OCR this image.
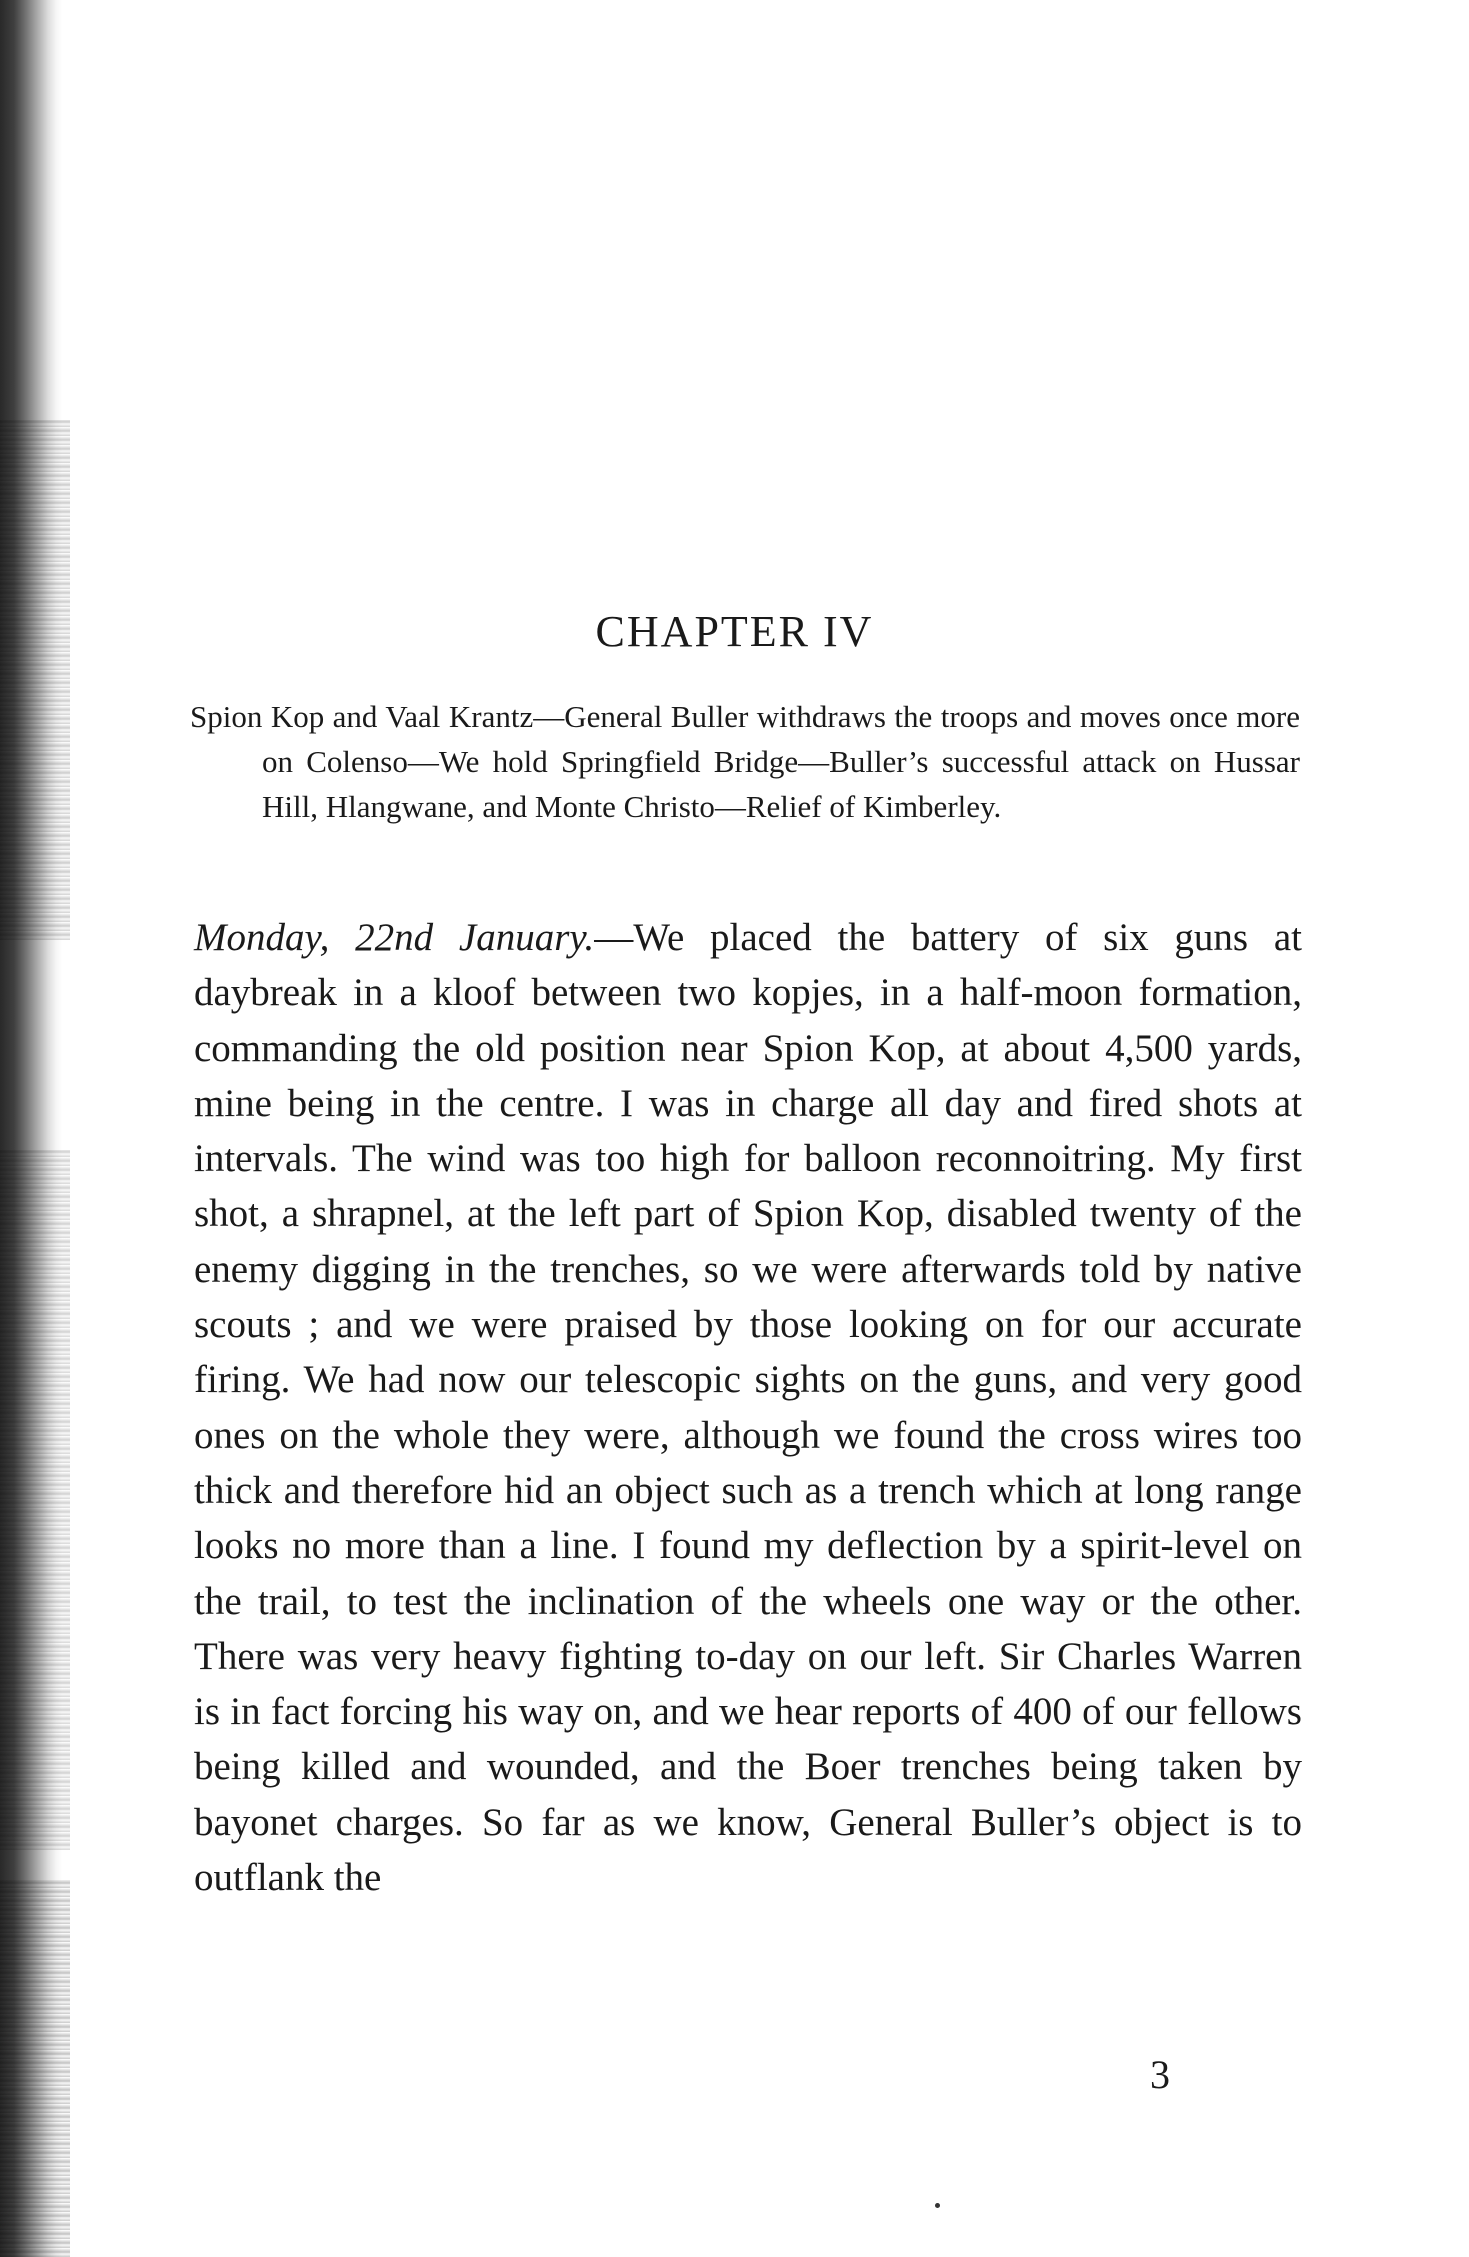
CHAPTER IV
Spion Kop and Vaal Krantz—General Buller withdraws the troops and moves once more on Colenso—We hold Springfield Bridge—Buller’s successful attack on Hussar Hill, Hlangwane, and Monte Christo—Relief of Kimberley.
Monday, 22nd January.—We placed the battery of six guns at daybreak in a kloof between two kopjes, in a half-moon formation, commanding the old position near Spion Kop, at about 4,500 yards, mine being in the centre. I was in charge all day and fired shots at intervals. The wind was too high for balloon reconnoitring. My first shot, a shrapnel, at the left part of Spion Kop, disabled twenty of the enemy digging in the trenches, so we were afterwards told by native scouts ; and we were praised by those looking on for our accurate firing. We had now our telescopic sights on the guns, and very good ones on the whole they were, although we found the cross wires too thick and therefore hid an object such as a trench which at long range looks no more than a line. I found my deflection by a spirit-level on the trail, to test the inclination of the wheels one way or the other. There was very heavy fighting to-day on our left. Sir Charles Warren is in fact forcing his way on, and we hear reports of 400 of our fellows being killed and wounded, and the Boer trenches being taken by bayonet charges. So far as we know, General Buller’s object is to outflank the
3
